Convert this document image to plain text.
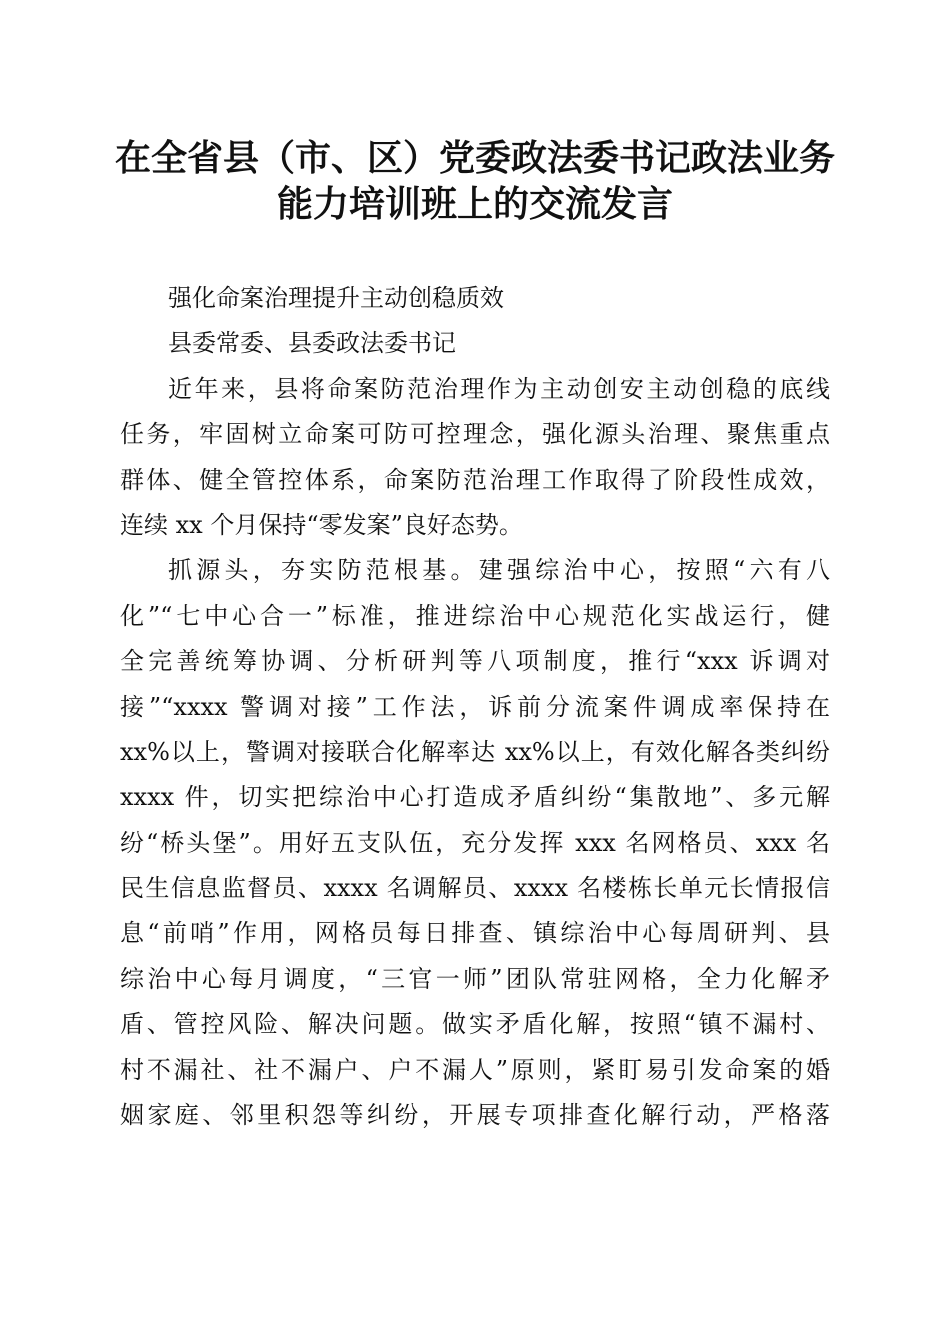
在全省县（市、区）党委政法委书记政法业务
能力培训班上的交流发言
强化命案治理提升主动创稳质效
县委常委、县委政法委书记
近年来，县将命案防范治理作为主动创安主动创稳的底线
任务，牢固树立命案可防可控理念，强化源头治理、聚焦重点
群体、健全管控体系，命案防范治理工作取得了阶段性成效，
连续 xx 个月保持“零发案”良好态势。
抓源头，夯实防范根基。建强综治中心，按照“六有八
化”“七中心合一”标准，推进综治中心规范化实战运行，健
全完善统筹协调、分析研判等八项制度，推行“xxx 诉调对
接”“xxxx 警调对接”工作法，诉前分流案件调成率保持在
xx%以上，警调对接联合化解率达 xx%以上，有效化解各类纠纷
xxxx 件，切实把综治中心打造成矛盾纠纷“集散地”、多元解
纷“桥头堡”。用好五支队伍，充分发挥 xxx 名网格员、xxx 名
民生信息监督员、xxxx 名调解员、xxxx 名楼栋长单元长情报信
息“前哨”作用，网格员每日排查、镇综治中心每周研判、县
综治中心每月调度，“三官一师”团队常驻网格，全力化解矛
盾、管控风险、解决问题。做实矛盾化解，按照“镇不漏村、
村不漏社、社不漏户、户不漏人”原则，紧盯易引发命案的婚
姻家庭、邻里积怨等纠纷，开展专项排查化解行动，严格落
